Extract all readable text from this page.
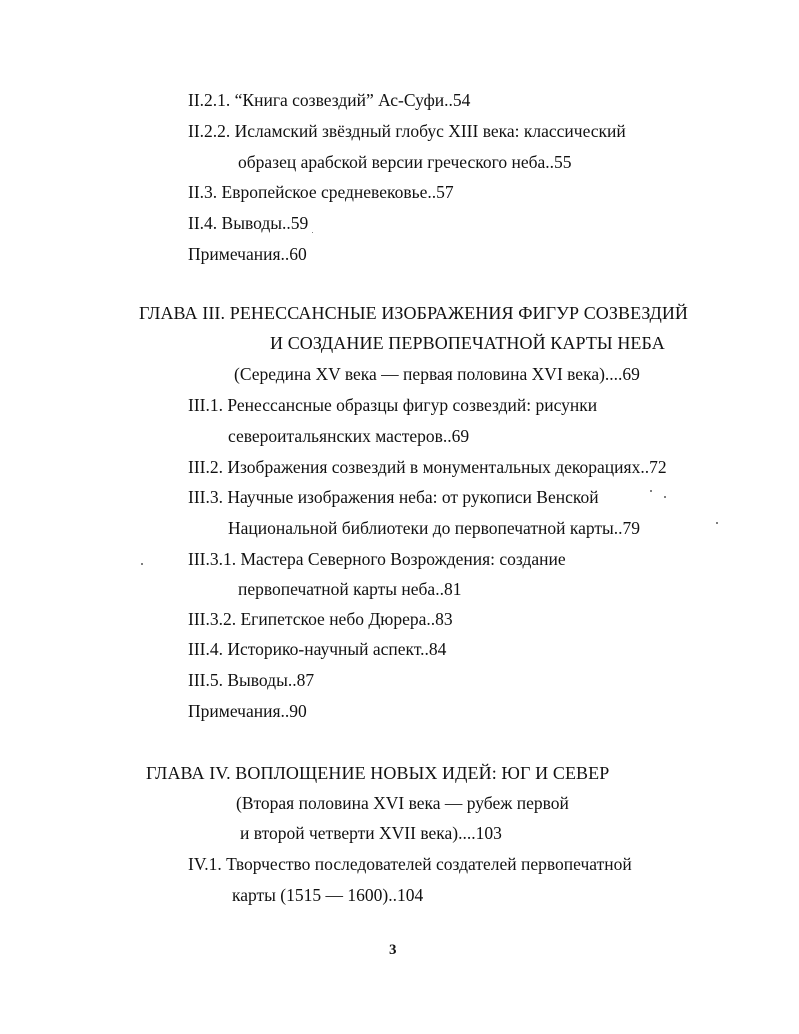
II.2.1. “Книга созвездий” Ас-Суфи..54
II.2.2. Исламский звёздный глобус XIII века: классический
образец арабской версии греческого неба..55
II.3. Европейское средневековье..57
II.4. Выводы..59
Примечания..60
ГЛАВА III. РЕНЕССАНСНЫЕ ИЗОБРАЖЕНИЯ ФИГУР СОЗВЕЗДИЙ
И СОЗДАНИЕ ПЕРВОПЕЧАТНОЙ КАРТЫ НЕБА
(Середина XV века — первая половина XVI века)....69
III.1. Ренессансные образцы фигур созвездий: рисунки
североитальянских мастеров..69
III.2. Изображения созвездий в монументальных декорациях..72
III.3. Научные изображения неба: от рукописи Венской
Национальной библиотеки до первопечатной карты..79
III.3.1. Мастера Северного Возрождения: создание
первопечатной карты неба..81
III.3.2. Египетское небо Дюрера..83
III.4. Историко-научный аспект..84
III.5. Выводы..87
Примечания..90
ГЛАВА IV. ВОПЛОЩЕНИЕ НОВЫХ ИДЕЙ: ЮГ И СЕВЕР
(Вторая половина XVI века — рубеж первой
и второй четверти XVII века)....103
IV.1. Творчество последователей создателей первопечатной
карты (1515 — 1600)..104
3
